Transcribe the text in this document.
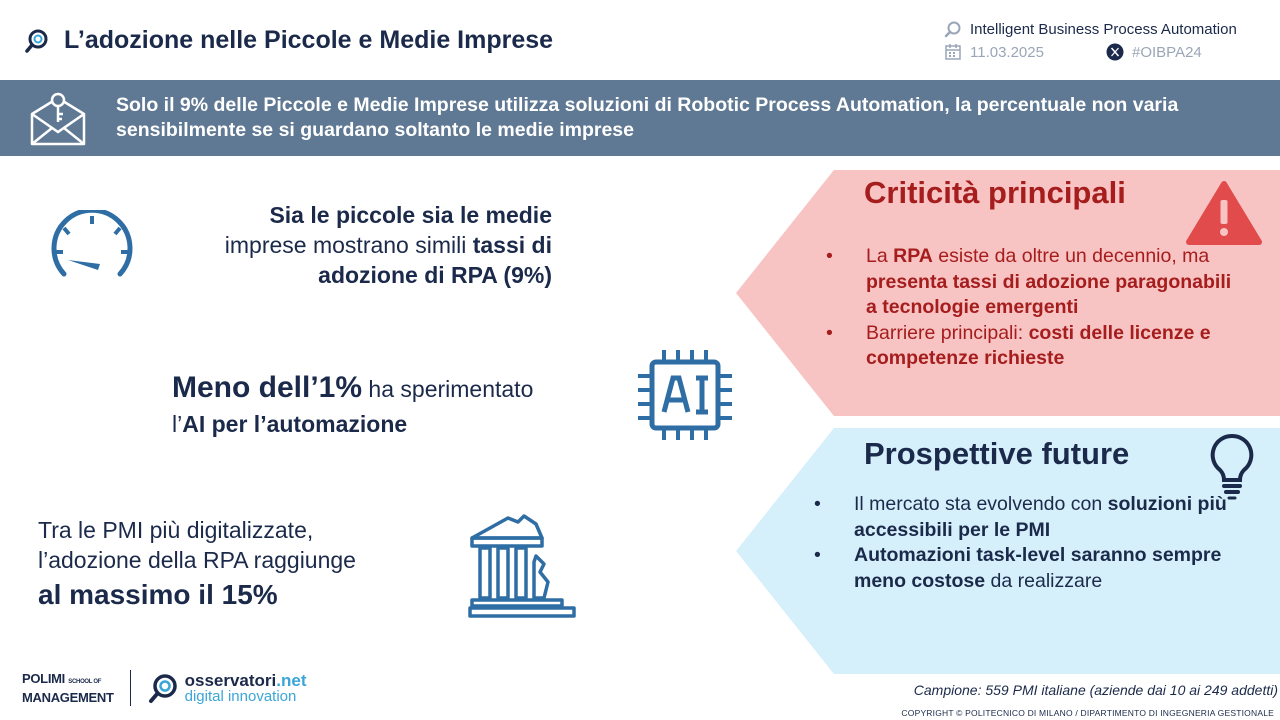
L’adozione nelle Piccole e Medie Imprese	Intelligent Business Process Automation
11.03.2025	#OIBPA24
Solo il 9% delle Piccole e Medie Imprese utilizza soluzioni di Robotic Process Automation, la percentuale non varia sensibilmente se si guardano soltanto le medie imprese
Sia le piccole sia le medie
imprese mostrano simili tassi di
adozione di RPA (9%)
Meno dell’1% ha sperimentato
l’AI per l’automazione
Tra le PMI più digitalizzate,
l’adozione della RPA raggiunge
al massimo il 15%
Criticità principali
•	La RPA esiste da oltre un decennio, ma presenta tassi di adozione paragonabili a tecnologie emergenti
•	Barriere principali: costi delle licenze e competenze richieste
Prospettive future
•	Il mercato sta evolvendo con soluzioni più accessibili per le PMI
•	Automazioni task-level saranno sempre meno costose da realizzare
POLIMI SCHOOL OF
MANAGEMENT
osservatori.net
digital innovation	Campione: 559 PMI italiane (aziende dai 10 ai 249 addetti)
COPYRIGHT © POLITECNICO DI MILANO / DIPARTIMENTO DI INGEGNERIA GESTIONALE
